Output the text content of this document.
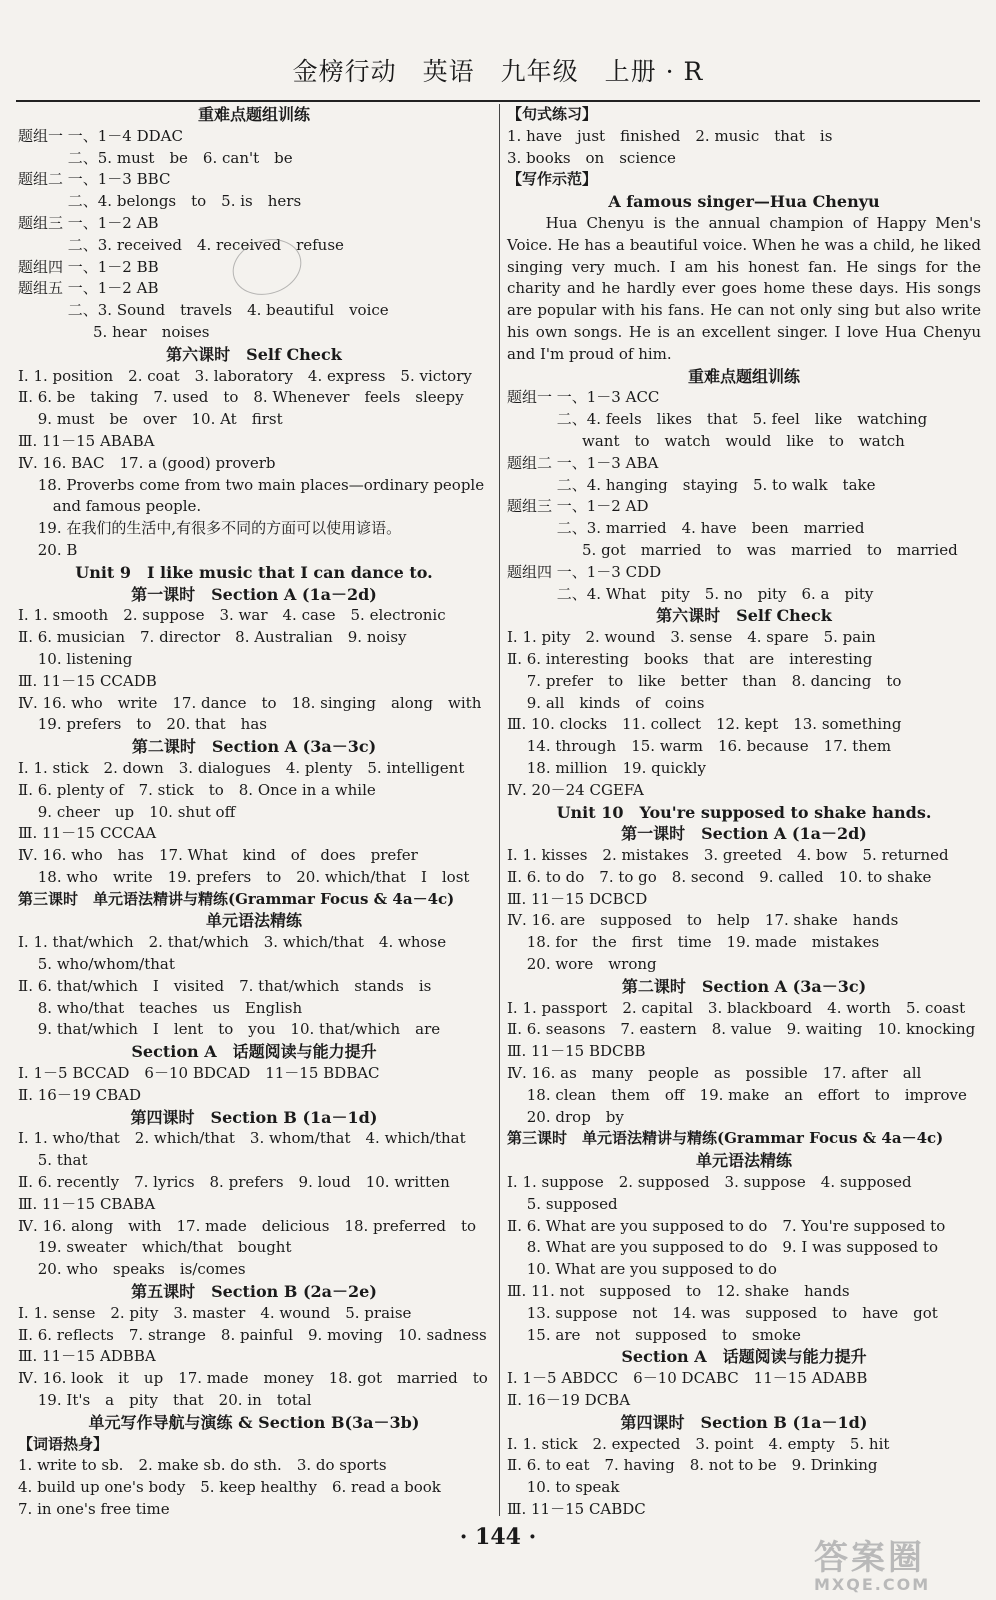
金榜行动　英语　九年级　上册 · R
重难点题组训练
题组一 一、1－4 DDAC
　　　 二、5. must　be　6. can't　be
题组二 一、1－3 BBC
　　　 二、4. belongs　to　5. is　hers
题组三 一、1－2 AB
　　　 二、3. received　4. received　refuse
题组四 一、1－2 BB
题组五 一、1－2 AB
　　　 二、3. Sound　travels　4. beautiful　voice
　　　　　5. hear　noises
第六课时　Self Check
Ⅰ. 1. position　2. coat　3. laboratory　4. express　5. victory
Ⅱ. 6. be　taking　7. used　to　8. Whenever　feels　sleepy
　 9. must　be　over　10. At　first
Ⅲ. 11－15 ABABA
Ⅳ. 16. BAC　17. a (good) proverb
　 18. Proverbs come from two main places—ordinary people
　　 and famous people.
　 19. 在我们的生活中,有很多不同的方面可以使用谚语。
　 20. B
Unit 9　I like music that I can dance to.
第一课时　Section A (1a－2d)
Ⅰ. 1. smooth　2. suppose　3. war　4. case　5. electronic
Ⅱ. 6. musician　7. director　8. Australian　9. noisy
　 10. listening
Ⅲ. 11－15 CCADB
Ⅳ. 16. who　write　17. dance　to　18. singing　along　with
　 19. prefers　to　20. that　has
第二课时　Section A (3a－3c)
Ⅰ. 1. stick　2. down　3. dialogues　4. plenty　5. intelligent
Ⅱ. 6. plenty of　7. stick　to　8. Once in a while
　 9. cheer　up　10. shut off
Ⅲ. 11－15 CCCAA
Ⅳ. 16. who　has　17. What　kind　of　does　prefer
　 18. who　write　19. prefers　to　20. which/that　I　lost
第三课时　单元语法精讲与精练(Grammar Focus & 4a－4c)
单元语法精练
Ⅰ. 1. that/which　2. that/which　3. which/that　4. whose
　 5. who/whom/that
Ⅱ. 6. that/which　I　visited　7. that/which　stands　is
　 8. who/that　teaches　us　English
　 9. that/which　I　lent　to　you　10. that/which　are
Section A　话题阅读与能力提升
Ⅰ. 1－5 BCCAD　6－10 BDCAD　11－15 BDBAC
Ⅱ. 16－19 CBAD
第四课时　Section B (1a－1d)
Ⅰ. 1. who/that　2. which/that　3. whom/that　4. which/that
　 5. that
Ⅱ. 6. recently　7. lyrics　8. prefers　9. loud　10. written
Ⅲ. 11－15 CBABA
Ⅳ. 16. along　with　17. made　delicious　18. preferred　to
　 19. sweater　which/that　bought
　 20. who　speaks　is/comes
第五课时　Section B (2a－2e)
Ⅰ. 1. sense　2. pity　3. master　4. wound　5. praise
Ⅱ. 6. reflects　7. strange　8. painful　9. moving　10. sadness
Ⅲ. 11－15 ADBBA
Ⅳ. 16. look　it　up　17. made　money　18. got　married　to
　 19. It's　a　pity　that　20. in　total
单元写作导航与演练 & Section B(3a－3b)
【词语热身】
1. write to sb.　2. make sb. do sth.　3. do sports
4. build up one's body　5. keep healthy　6. read a book
7. in one's free time
【句式练习】
1. have　just　finished　2. music　that　is
3. books　on　science
【写作示范】
A famous singer—Hua Chenyu
　　Hua Chenyu is the annual champion of Happy Men's Voice. He has a beautiful voice. When he was a child, he liked singing very much. I am his honest fan. He sings for the charity and he hardly ever goes home these days. His songs are popular with his fans. He can not only sing but also write his own songs. He is an excellent singer. I love Hua Chenyu and I'm proud of him.
重难点题组训练
题组一 一、1－3 ACC
　　　 二、4. feels　likes　that　5. feel　like　watching
　　　　　want　to　watch　would　like　to　watch
题组二 一、1－3 ABA
　　　 二、4. hanging　staying　5. to walk　take
题组三 一、1－2 AD
　　　 二、3. married　4. have　been　married
　　　　　5. got　married　to　was　married　to　married
题组四 一、1－3 CDD
　　　 二、4. What　pity　5. no　pity　6. a　pity
第六课时　Self Check
Ⅰ. 1. pity　2. wound　3. sense　4. spare　5. pain
Ⅱ. 6. interesting　books　that　are　interesting
　 7. prefer　to　like　better　than　8. dancing　to
　 9. all　kinds　of　coins
Ⅲ. 10. clocks　11. collect　12. kept　13. something
　 14. through　15. warm　16. because　17. them
　 18. million　19. quickly
Ⅳ. 20－24 CGEFA
Unit 10　You're supposed to shake hands.
第一课时　Section A (1a－2d)
Ⅰ. 1. kisses　2. mistakes　3. greeted　4. bow　5. returned
Ⅱ. 6. to do　7. to go　8. second　9. called　10. to shake
Ⅲ. 11－15 DCBCD
Ⅳ. 16. are　supposed　to　help　17. shake　hands
　 18. for　the　first　time　19. made　mistakes
　 20. wore　wrong
第二课时　Section A (3a－3c)
Ⅰ. 1. passport　2. capital　3. blackboard　4. worth　5. coast
Ⅱ. 6. seasons　7. eastern　8. value　9. waiting　10. knocking
Ⅲ. 11－15 BDCBB
Ⅳ. 16. as　many　people　as　possible　17. after　all
　 18. clean　them　off　19. make　an　effort　to　improve
　 20. drop　by
第三课时　单元语法精讲与精练(Grammar Focus & 4a－4c)
单元语法精练
Ⅰ. 1. suppose　2. supposed　3. suppose　4. supposed
　 5. supposed
Ⅱ. 6. What are you supposed to do　7. You're supposed to
　 8. What are you supposed to do　9. I was supposed to
　 10. What are you supposed to do
Ⅲ. 11. not　supposed　to　12. shake　hands
　 13. suppose　not　14. was　supposed　to　have　got
　 15. are　not　supposed　to　smoke
Section A　话题阅读与能力提升
Ⅰ. 1－5 ABDCC　6－10 DCABC　11－15 ADABB
Ⅱ. 16－19 DCBA
第四课时　Section B (1a－1d)
Ⅰ. 1. stick　2. expected　3. point　4. empty　5. hit
Ⅱ. 6. to eat　7. having　8. not to be　9. Drinking
　 10. to speak
Ⅲ. 11－15 CABDC
· 144 ·
答案圈
MXQE.COM
